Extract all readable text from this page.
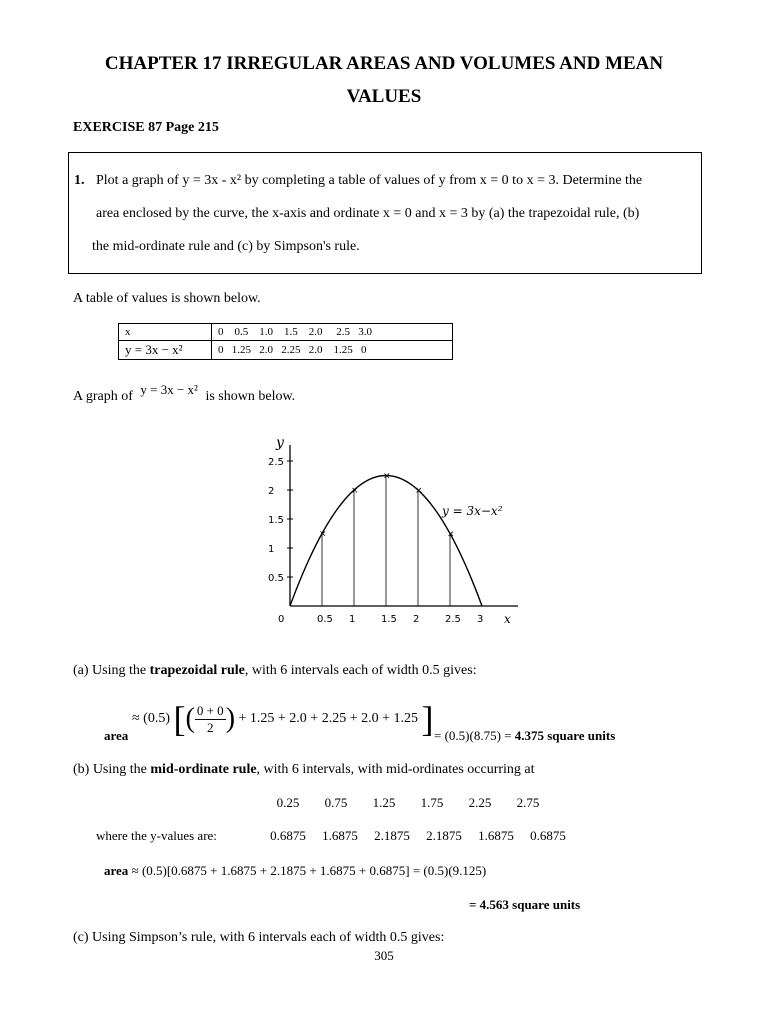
CHAPTER 17 IRREGULAR AREAS AND VOLUMES AND MEAN
VALUES
EXERCISE 87 Page 215
1. Plot a graph of y = 3x - x² by completing a table of values of y from x = 0 to x = 3. Determine the
area enclosed by the curve, the x-axis and ordinate x = 0 and x = 3 by (a) the trapezoidal rule, (b)
the mid-ordinate rule and (c) by Simpson's rule.
A table of values is shown below.
x	0    0.5    1.0    1.5    2.0     2.5   3.0
y = 3x − x²	0   1.25   2.0   2.25   2.0    1.25   0
A graph of y = 3x − x² is shown below.
y
x
y = 3x−x²
0	0.5 1	1.5 2	2.5 3
0.5
1
1.5
2
2.5
×
×
×
×
×
(a) Using the trapezoidal rule, with 6 intervals each of width 0.5 gives:
≈ (0.5) [( $\frac{0 + 0}{2}$ ) + 1.25 + 2.0 + 2.25 + 2.0 + 1.25 ]
area	= (0.5)(8.75) = 4.375 square units
(b) Using the mid-ordinate rule, with 6 intervals, with mid-ordinates occurring at
0.25 0.75 1.25 1.75 2.25 2.75
where the y-values are:	0.6875 1.6875 2.1875 2.1875 1.6875 0.6875
area ≈ (0.5)[0.6875 + 1.6875 + 2.1875 + 1.6875 + 0.6875] = (0.5)(9.125)
= 4.563 square units
(c) Using Simpson’s rule, with 6 intervals each of width 0.5 gives:
305
